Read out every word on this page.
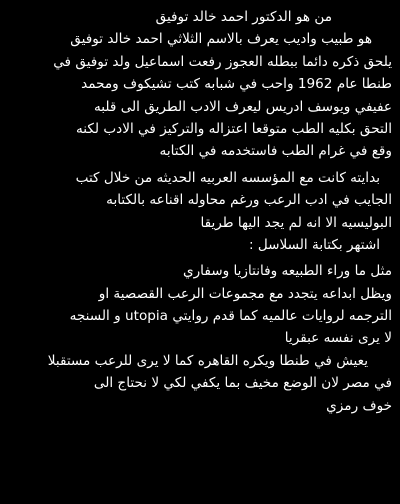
من هو الدكتور احمد خالد توفيق
هو طبيب واديب يعرف بالاسم الثلاثي احمد خالد توفيق
يلحق ذكره دائما ببطله العجوز رفعت اسماعيل ولد توفيق في
طنطا عام 1962 واحب في شبابه كتب تشيكوف ومحمد
عفيفي ويوسف ادريس ليعرف الادب الطريق الى قلبه
التحق بكليه الطب متوقعا اعتزاله والتركيز في الادب لكنه
وقع في غرام الطب فاستخدمه في الكتابه
بدايته كانت مع المؤسسه العربيه الحديثه من خلال كتب
الجايب في ادب الرعب ورغم محاوله اقناعه بالكتابه
البوليسيه الا انه لم يجد اليها طريقا
اشتهر بكتابة السلاسل :
مثل ما وراء الطبيعه وفانتازيا وسفاري
ويظل ابداعه يتجدد مع مجموعات الرعب القصصية او
الترجمه لروايات عالميه كما قدم روايتي utopia و السنجه
لا يرى نفسه عبقريا
يعيش في طنطا ويكره القاهره كما لا يرى للرعب مستقبلا
في مصر لان الوضع مخيف بما يكفي لكي لا نحتاج الى
خوف رمزي
